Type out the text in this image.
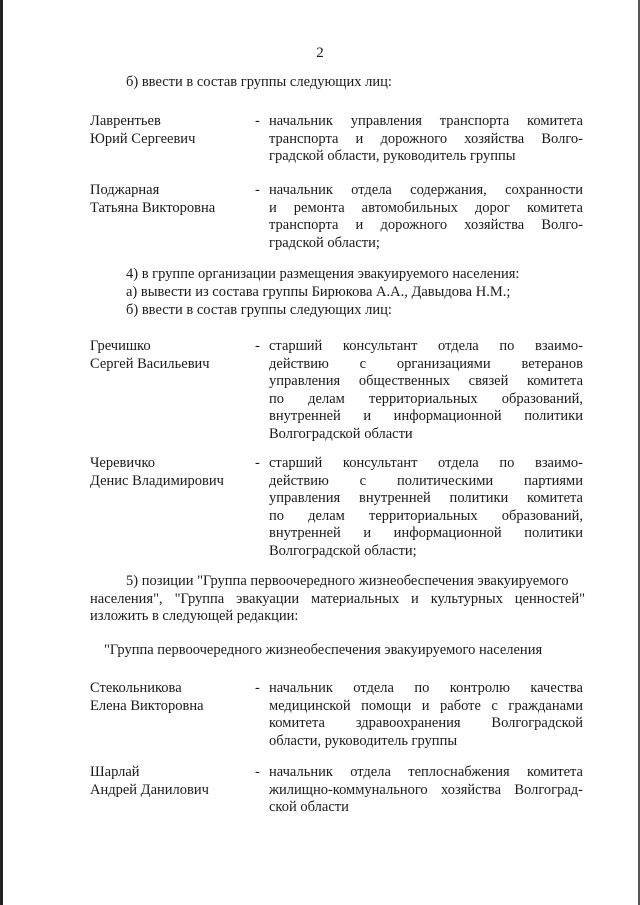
2
б) ввести в состав группы следующих лиц:
Лаврентьев
Юрий Сергеевич
- начальник управления транспорта комитета
транспорта и дорожного хозяйства Волго-
градской области, руководитель группы
Поджарная
Татьяна Викторовна
- начальник отдела содержания, сохранности
и ремонта автомобильных дорог комитета
транспорта и дорожного хозяйства Волго-
градской области;
4) в группе организации размещения эвакуируемого населения:
а) вывести из состава группы Бирюкова А.А., Давыдова Н.М.;
б) ввести в состав группы следующих лиц:
Гречишко
Сергей Васильевич
- старший консультант отдела по взаимо-
действию с организациями ветеранов
управления общественных связей комитета
по делам территориальных образований,
внутренней и информационной политики
Волгоградской области
Черевичко
Денис Владимирович
- старший консультант отдела по взаимо-
действию с политическими партиями
управления внутренней политики комитета
по делам территориальных образований,
внутренней и информационной политики
Волгоградской области;
5) позиции "Группа первоочередного жизнеобеспечения эвакуируемого
населения", "Группа эвакуации материальных и культурных ценностей"
изложить в следующей редакции:
"Группа первоочередного жизнеобеспечения эвакуируемого населения
Стекольникова
Елена Викторовна
- начальник отдела по контролю качества
медицинской помощи и работе с гражданами
комитета здравоохранения Волгоградской
области, руководитель группы
Шарлай
Андрей Данилович
- начальник отдела теплоснабжения комитета
жилищно-коммунального хозяйства Волгоград-
ской области
